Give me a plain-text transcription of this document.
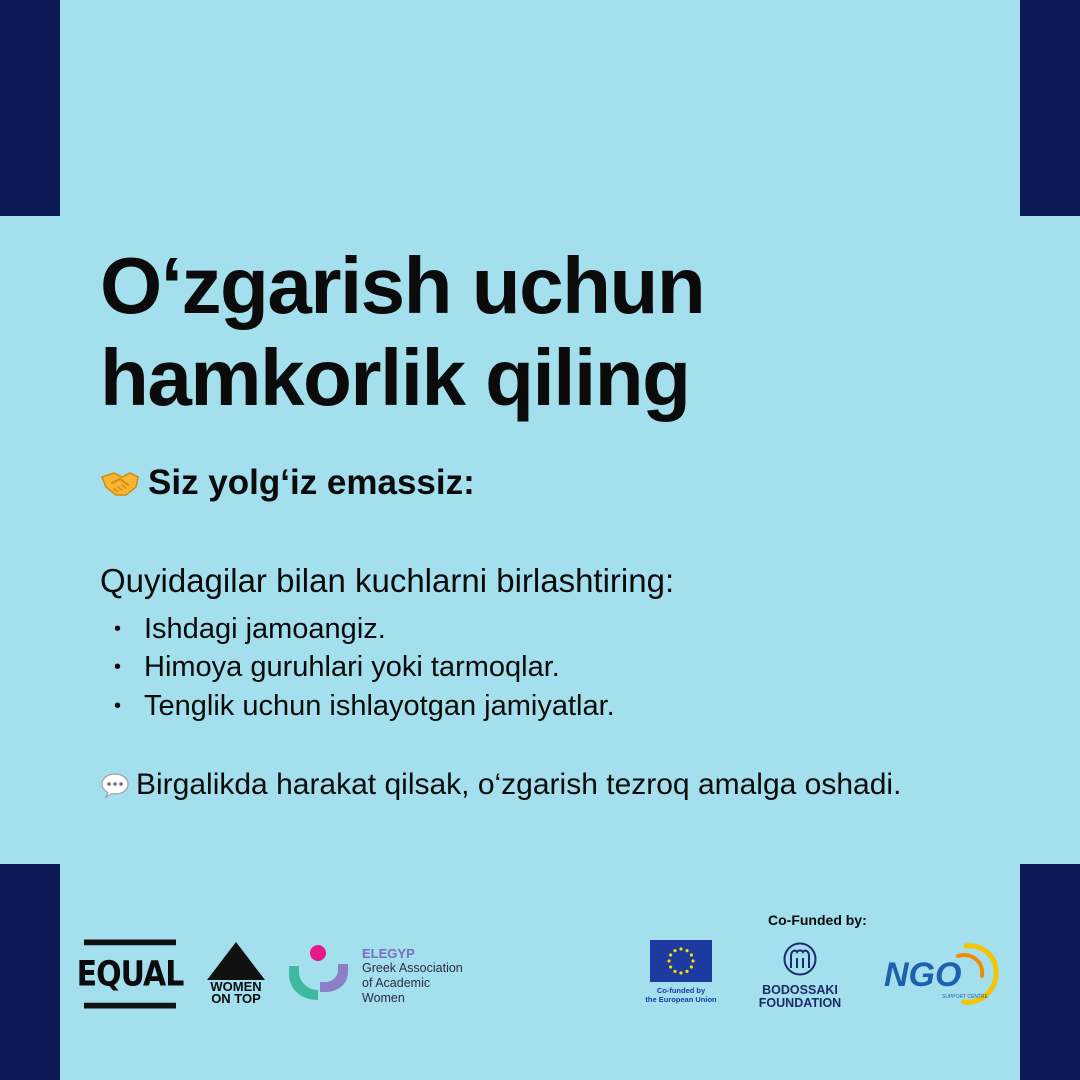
O‘zgarish uchun
hamkorlik qiling
Siz yolg‘iz emassiz:

Quyidagilar bilan kuchlarni birlashtiring:

• Ishdagi jamoangiz.
• Himoya guruhlari yoki tarmoqlar.
• Tenglik uchun ishlayotgan jamiyatlar.
Birgalikda harakat qilsak, o‘zgarish tezroq amalga oshadi.
EQUAL	WOMEN
ON TOP
ELEGYP
Greek Association
of Academic
Women
Co-Funded by:
Co-funded by
the European Union
BODOSSAKI
FOUNDATION
NGO
SUPPORT CENTRE
